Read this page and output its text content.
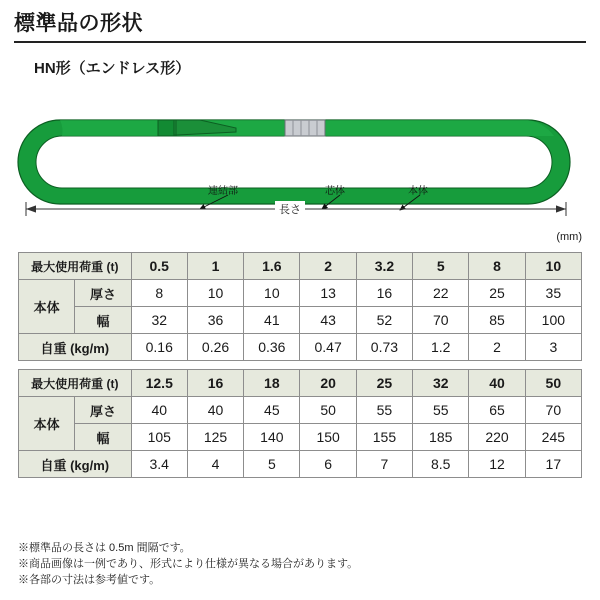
標準品の形状
HN形（エンドレス形）
連結部	芯体	本体
長さ
(mm)
最大使用荷重 (t)		0.5	1	1.6	2	3.2	5	8	10
本体	厚さ	8	10	10	13	16	22	25	35
	幅	32	36	41	43	52	70	85	100
自重 (kg/m)		0.16	0.26	0.36	0.47	0.73	1.2	2	3
最大使用荷重 (t)		12.5	16	18	20	25	32	40	50
本体	厚さ	40	40	45	50	55	55	65	70
	幅	105	125	140	150	155	185	220	245
自重 (kg/m)		3.4	4	5	6	7	8.5	12	17
※標準品の長さは 0.5m 間隔です。
※商品画像は一例であり、形式により仕様が異なる場合があります。
※各部の寸法は参考値です。
